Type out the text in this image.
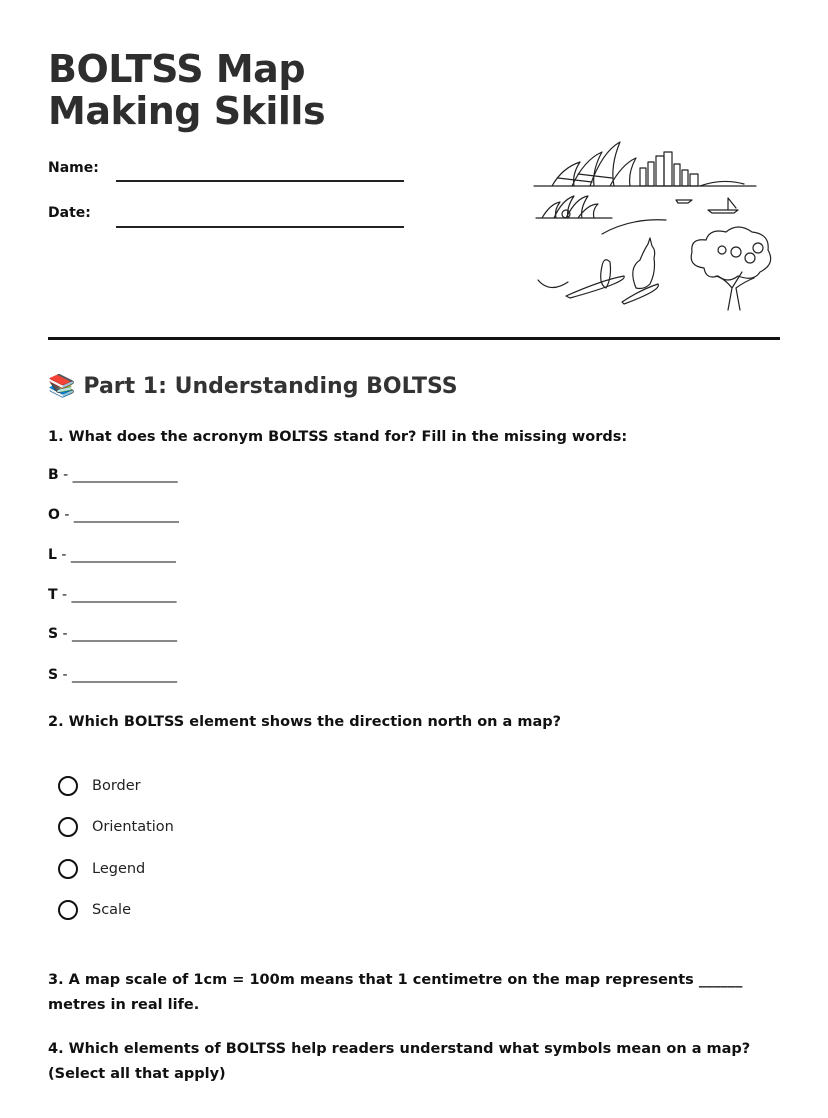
BOLTSS Map Making Skills
Name:
Date:
📚 Part 1: Understanding BOLTSS
1. What does the acronym BOLTSS stand for? Fill in the missing words:
B - _______________
O - _______________
L - _______________
T - _______________
S - _______________
S - _______________
2. Which BOLTSS element shows the direction north on a map?
Border
Orientation
Legend
Scale
3. A map scale of 1cm = 100m means that 1 centimetre on the map represents ______ metres in real life.
4. Which elements of BOLTSS help readers understand what symbols mean on a map? (Select all that apply)
